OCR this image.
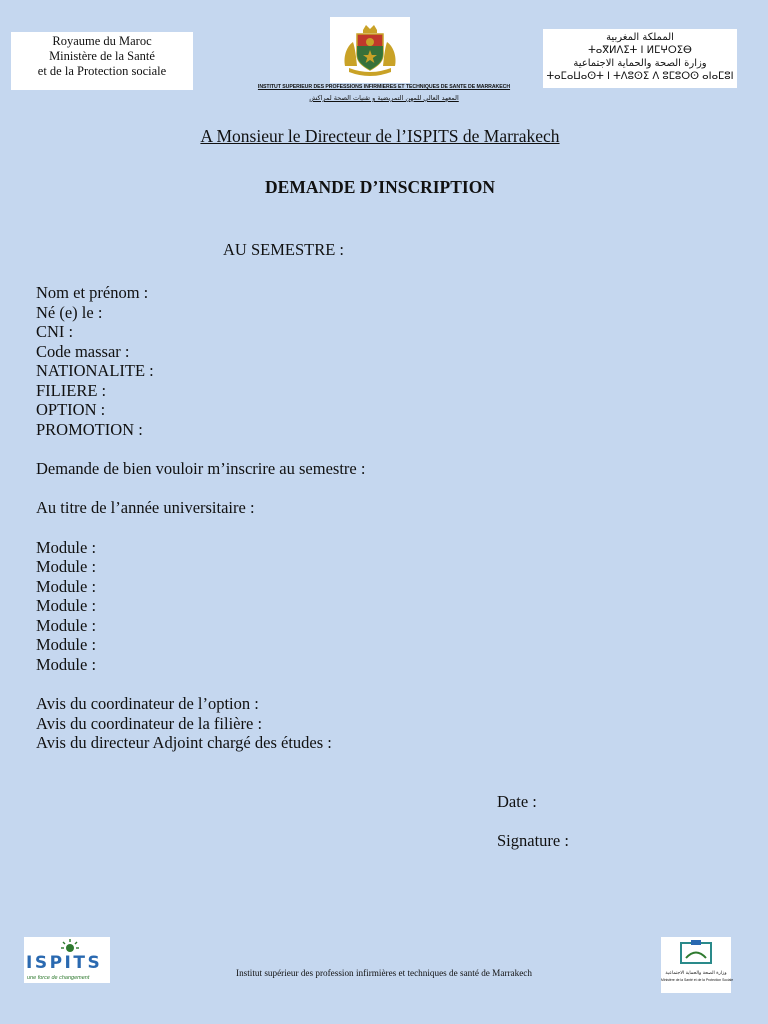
Royaume du Maroc
Ministère de la Santé
et de la Protection sociale
المملكة المغربية
ⵜⴰⴳⵍⴷⵉⵜ ⵏ ⵍⵎⵖⵔⵉⴱ
وزارة الصحة والحماية الاجتماعية
ⵜⴰⵎⴰⵡⴰⵙⵜ ⵏ ⵜⴷⵓⵙⵉ ⴷ ⵓⵎⵓⵔⵙ ⴰⵏⴰⵎⵓⵏ
INSTITUT SUPERIEUR DES PROFESSIONS INFIRMIERES ET TECHNIQUES DE SANTE DE MARRAKECH
المعهد العالي للمهن التمريضية و تقنيات الصحة لمراكش
A Monsieur le Directeur de l’ISPITS de Marrakech
DEMANDE D’INSCRIPTION
AU SEMESTRE :
Nom et prénom :
Né (e) le :
CNI :
Code massar :
NATIONALITE :
FILIERE :
OPTION :
PROMOTION :
Demande de bien vouloir m’inscrire au semestre :
Au titre de l’année universitaire :
Module :
Module :
Module :
Module :
Module :
Module :
Module :
Avis du coordinateur de l’option :
Avis du coordinateur de la filière :
Avis du directeur Adjoint chargé des études :
Date :
Signature :
ISPITS
une force de changement	Institut supérieur des profession infirmières et techniques de santé de Marrakech	وزارة الصحة والحماية الاجتماعية
Ministère de la Santé et de la Protection Sociale
